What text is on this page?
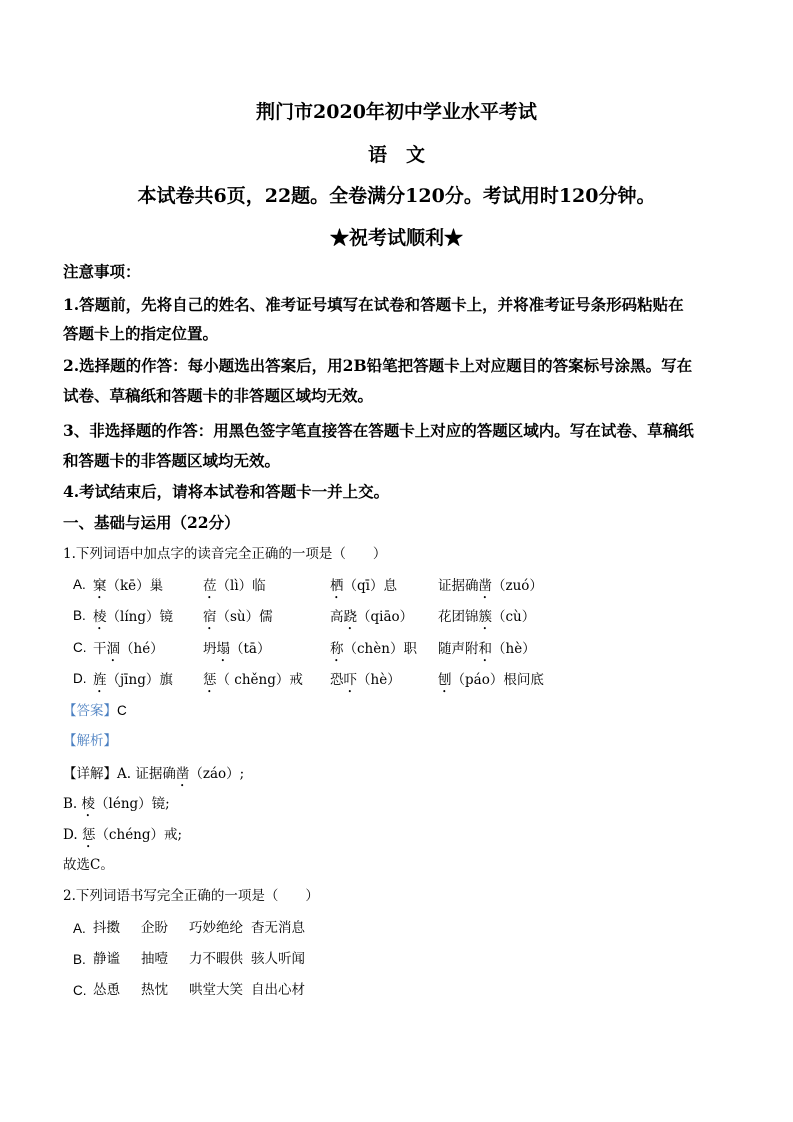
荆门市2020年初中学业水平考试
语　文
本试卷共6页，22题。全卷满分120分。考试用时120分钟。
★祝考试顺利★
注意事项：
1.答题前，先将自己的姓名、准考证号填写在试卷和答题卡上，并将准考证号条形码粘贴在
答题卡上的指定位置。
2.选择题的作答：每小题选出答案后，用2B铅笔把答题卡上对应题目的答案标号涂黑。写在
试卷、草稿纸和答题卡的非答题区域均无效。
3、非选择题的作答：用黑色签字笔直接答在答题卡上对应的答题区域内。写在试卷、草稿纸
和答题卡的非答题区域均无效。
4.考试结束后，请将本试卷和答题卡一并上交。
一、基础与运用（22分）
1.下列词语中加点字的读音完全正确的一项是（　　）
A. 窠（kē）巢	莅（lì）临	栖（qī）息	证据确凿（zuó）
B. 棱（líng）镜 宿（sù）儒	高跷（qiāo） 花团锦簇（cù）
C. 干涸（hé）	坍塌（tā）	称（chèn）职 随声附和（hè）
D. 旌（jīng）旗 惩（ chěng）戒 恐吓（hè）	刨（páo）根问底
【答案】C
【解析】
【详解】A. 证据确凿（záo）;
B. 棱（léng）镜;
D. 惩（chéng）戒;
故选C。
2.下列词语书写完全正确的一项是（　　）
A. 抖擞 企盼 巧妙绝纶 杳无消息
B. 静谧 抽噎 力不暇供 骇人听闻
C. 怂恿 热忱 哄堂大笑 自出心材
